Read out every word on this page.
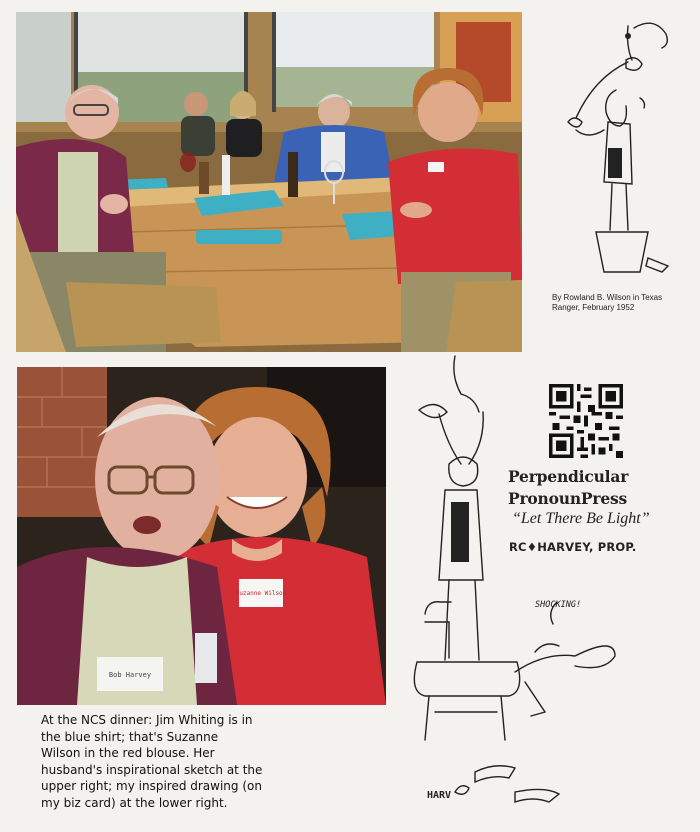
By Rowland B. Wilson in Texas
Ranger, February 1952
Suzanne Wilson
Bob Harvey
Perpendicular
PronounPress
“Let There Be Light”
RC♦HARVEY, PROP.
SHOCKING!
HARV
At the NCS dinner: Jim Whiting is in
the blue shirt; that's Suzanne
Wilson in the red blouse. Her
husband's inspirational sketch at the
upper right; my inspired drawing (on
my biz card) at the lower right.
